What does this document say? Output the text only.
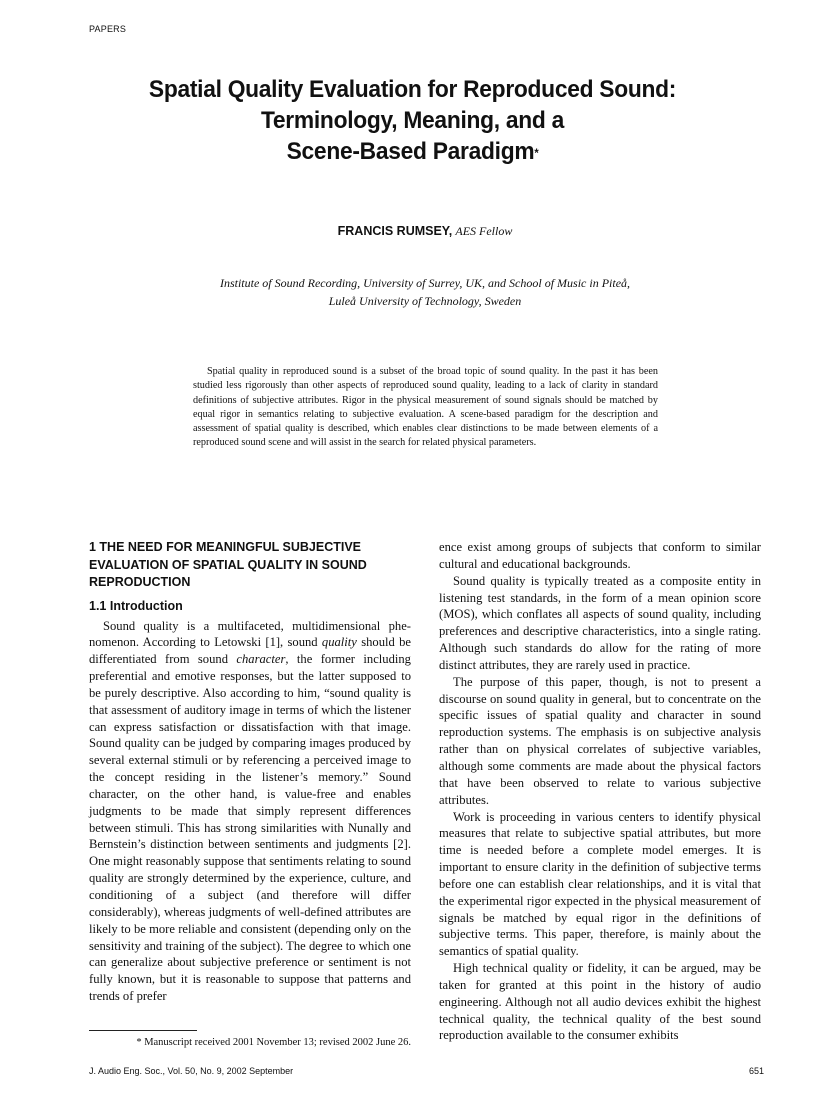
PAPERS
Spatial Quality Evaluation for Reproduced Sound:
Terminology, Meaning, and a
Scene-Based Paradigm*
FRANCIS RUMSEY, AES Fellow
Institute of Sound Recording, University of Surrey, UK, and School of Music in Piteå,
Luleå University of Technology, Sweden

Spatial quality in reproduced sound is a subset of the broad topic of sound quality. In the past it has been studied less rigorously than other aspects of reproduced sound quality, leading to a lack of clarity in standard definitions of subjective attributes. Rigor in the physical measurement of sound signals should be matched by equal rigor in semantics relating to subjective evaluation. A scene-based paradigm for the description and assessment of spatial quality is described, which enables clear distinctions to be made between elements of a reproduced sound scene and will assist in the search for related physical parameters.

1 THE NEED FOR MEANINGFUL SUBJECTIVE EVALUATION OF SPATIAL QUALITY IN SOUND REPRODUCTION
1.1 Introduction

Sound quality is a multifaceted, multidimensional phenomenon. According to Letowski [1], sound quality should be differentiated from sound character, the former including preferential and emotive responses, but the latter supposed to be purely descriptive. Also according to him, “sound quality is that assessment of auditory image in terms of which the listener can express satisfaction or dissatisfaction with that image. Sound quality can be judged by comparing images produced by several external stimuli or by referencing a perceived image to the concept residing in the listener’s memory.” Sound character, on the other hand, is value-free and enables judgments to be made that simply represent differences between stimuli. This has strong similarities with Nunally and Bernstein’s distinction between sentiments and judgments [2]. One might reasonably suppose that sentiments relating to sound quality are strongly determined by the experience, culture, and conditioning of a subject (and therefore will differ considerably), whereas judgments of well-defined attributes are likely to be more reliable and consistent (depending only on the sensitivity and training of the subject). The degree to which one can generalize about subjective preference or sentiment is not fully known, but it is reasonable to suppose that patterns and trends of prefer

ence exist among groups of subjects that conform to similar cultural and educational backgrounds.

Sound quality is typically treated as a composite entity in listening test standards, in the form of a mean opinion score (MOS), which conflates all aspects of sound quality, including preferences and descriptive characteristics, into a single rating. Although such standards do allow for the rating of more distinct attributes, they are rarely used in practice.

The purpose of this paper, though, is not to present a discourse on sound quality in general, but to concentrate on the specific issues of spatial quality and character in sound reproduction systems. The emphasis is on subjective analysis rather than on physical correlates of subjective variables, although some comments are made about the physical factors that have been observed to relate to various subjective attributes.

Work is proceeding in various centers to identify physical measures that relate to subjective spatial attributes, but more time is needed before a complete model emerges. It is important to ensure clarity in the definition of subjective terms before one can establish clear relationships, and it is vital that the experimental rigor expected in the physical measurement of signals be matched by equal rigor in the definitions of subjective terms. This paper, therefore, is mainly about the semantics of spatial quality.

High technical quality or fidelity, it can be argued, may be taken for granted at this point in the history of audio engineering. Although not all audio devices exhibit the highest technical quality, the technical quality of the best sound reproduction available to the consumer exhibits

* Manuscript received 2001 November 13; revised 2002 June 26.
J. Audio Eng. Soc., Vol. 50, No. 9, 2002 September	651
